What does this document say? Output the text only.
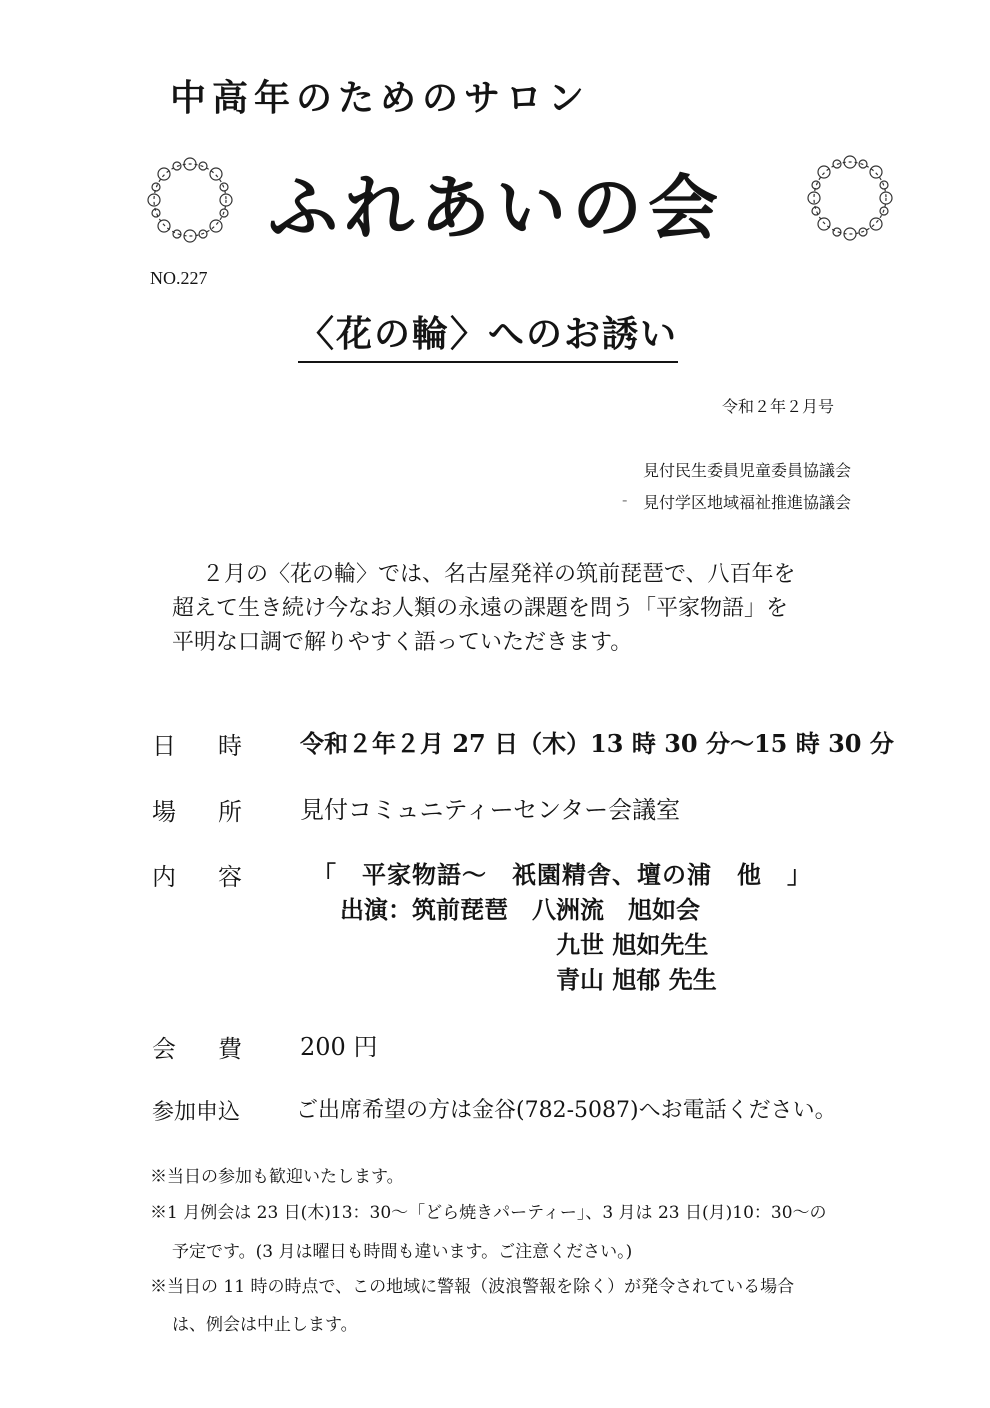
中高年のためのサロン
ふれあいの会
NO.227
〈花の輪〉へのお誘い
令和２年２月号
見付民生委員児童委員協議会
- 見付学区地域福祉推進協議会
２月の〈花の輪〉では、名古屋発祥の筑前琵琶で、八百年を
超えて生き続け今なお人類の永遠の課題を問う「平家物語」を
平明な口調で解りやすく語っていただきます。
日時 令和２年２月 27 日（木）13 時 30 分〜15 時 30 分
場所 見付コミュニティーセンター会議室
内容 「　平家物語〜　祇園精舎、壇の浦　他　」
出演：筑前琵琶　八洲流　旭如会
九世 旭如先生
青山 旭郁 先生
会費 200 円
参加申込	ご出席希望の方は金谷(782-5087)へお電話ください。
※当日の参加も歓迎いたします。
※1 月例会は 23 日(木)13：30〜「どら焼きパーティー」、3 月は 23 日(月)10：30〜の
予定です。(3 月は曜日も時間も違います。ご注意ください。)
※当日の 11 時の時点で、この地域に警報（波浪警報を除く）が発令されている場合
は、例会は中止します。
